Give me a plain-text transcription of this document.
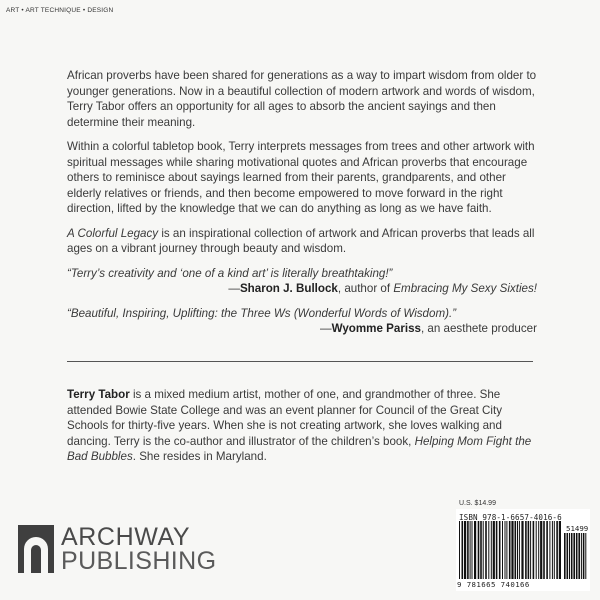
ART • ART TECHNIQUE • DESIGN

African proverbs have been shared for generations as a way to impart wisdom from older to younger generations. Now in a beautiful collection of modern artwork and words of wisdom, Terry Tabor offers an opportunity for all ages to absorb the ancient sayings and then determine their meaning.

Within a colorful tabletop book, Terry interprets messages from trees and other artwork with spiritual messages while sharing motivational quotes and African proverbs that encourage others to reminisce about sayings learned from their parents, grandparents, and other elderly relatives or friends, and then become empowered to move forward in the right direction, lifted by the knowledge that we can do anything as long as we have faith.

A Colorful Legacy is an inspirational collection of artwork and African proverbs that leads all ages on a vibrant journey through beauty and wisdom.

“Terry’s creativity and ‘one of a kind art’ is literally breathtaking!”
—Sharon J. Bullock, author of Embracing My Sexy Sixties!
“Beautiful, Inspiring, Uplifting: the Three Ws (Wonderful Words of Wisdom).”
—Wyomme Pariss, an aesthete producer
Terry Tabor is a mixed medium artist, mother of one, and grandmother of three. She attended Bowie State College and was an event planner for Council of the Great City Schools for thirty-five years. When she is not creating artwork, she loves walking and dancing. Terry is the co-author and illustrator of the children’s book, Helping Mom Fight the Bad Bubbles. She resides in Maryland.
ARCHWAY
PUBLISHING
U.S. $14.99
ISBN 978-1-6657-4016-6
51499
9 781665 740166
